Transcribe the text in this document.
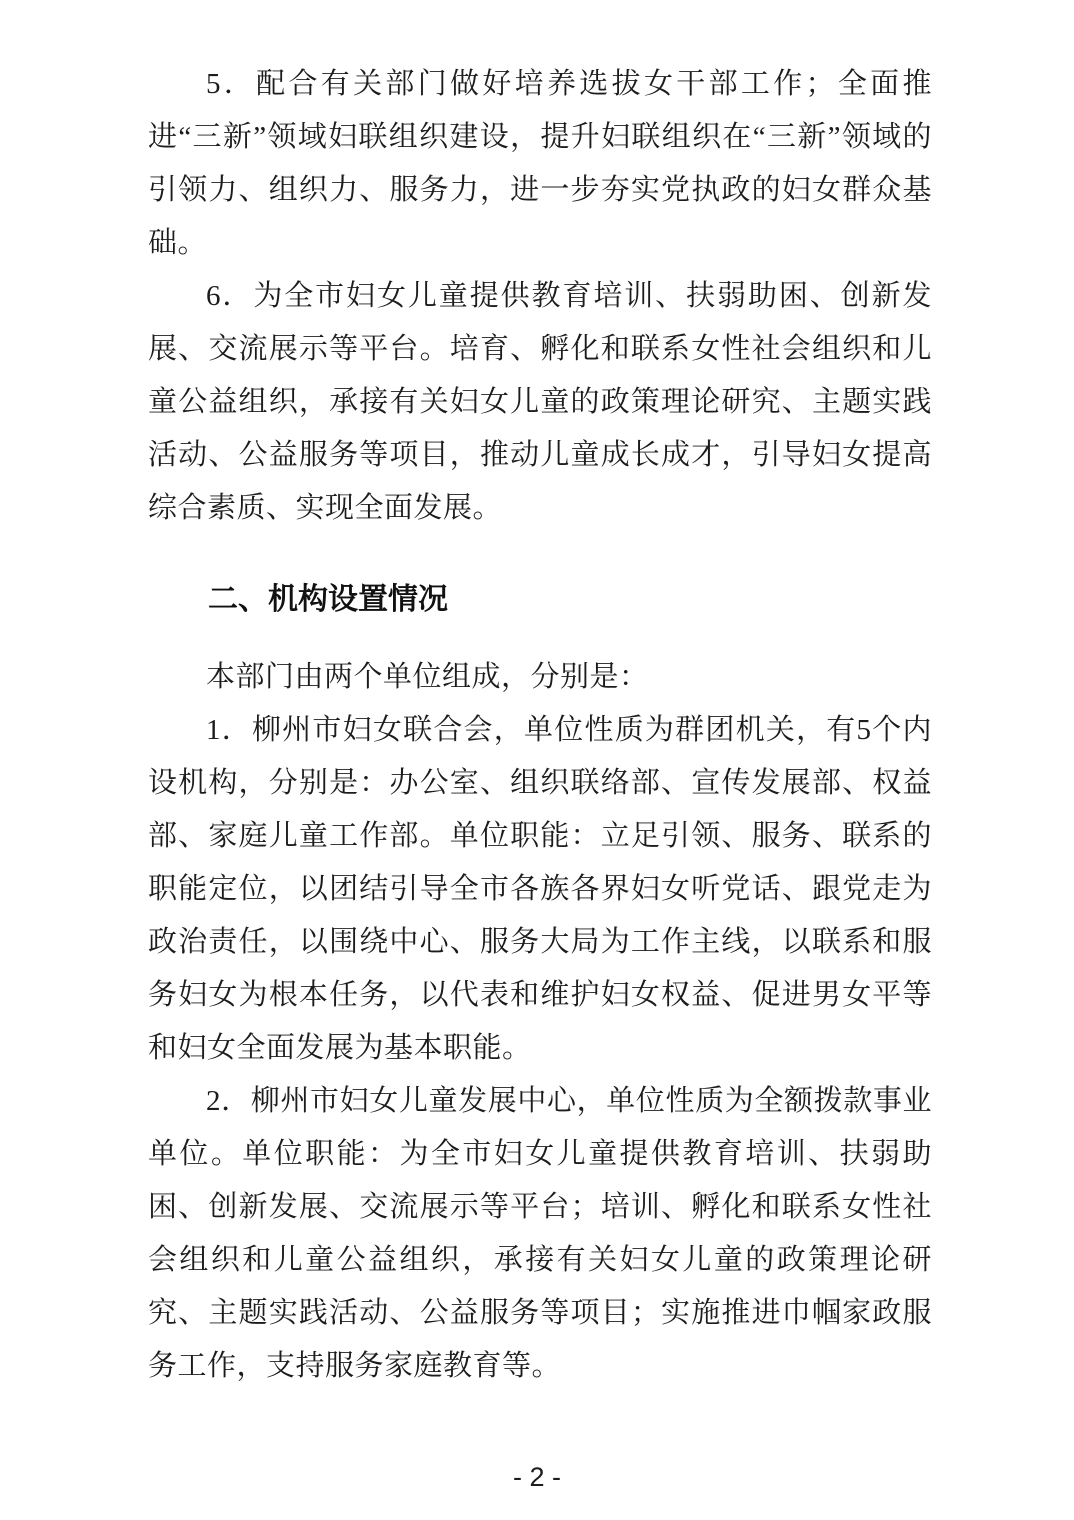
5．配合有关部门做好培养选拔女干部工作；全面推进“三新”领域妇联组织建设，提升妇联组织在“三新”领域的引领力、组织力、服务力，进一步夯实党执政的妇女群众基础。

6．为全市妇女儿童提供教育培训、扶弱助困、创新发展、交流展示等平台。培育、孵化和联系女性社会组织和儿童公益组织，承接有关妇女儿童的政策理论研究、主题实践活动、公益服务等项目，推动儿童成长成才，引导妇女提高综合素质、实现全面发展。

二、机构设置情况

本部门由两个单位组成，分别是：

1．柳州市妇女联合会，单位性质为群团机关，有5个内设机构，分别是：办公室、组织联络部、宣传发展部、权益部、家庭儿童工作部。单位职能：立足引领、服务、联系的职能定位，以团结引导全市各族各界妇女听党话、跟党走为政治责任，以围绕中心、服务大局为工作主线，以联系和服务妇女为根本任务，以代表和维护妇女权益、促进男女平等和妇女全面发展为基本职能。

2．柳州市妇女儿童发展中心，单位性质为全额拨款事业单位。单位职能：为全市妇女儿童提供教育培训、扶弱助困、创新发展、交流展示等平台；培训、孵化和联系女性社会组织和儿童公益组织，承接有关妇女儿童的政策理论研究、主题实践活动、公益服务等项目；实施推进巾帼家政服务工作，支持服务家庭教育等。

- 2 -
